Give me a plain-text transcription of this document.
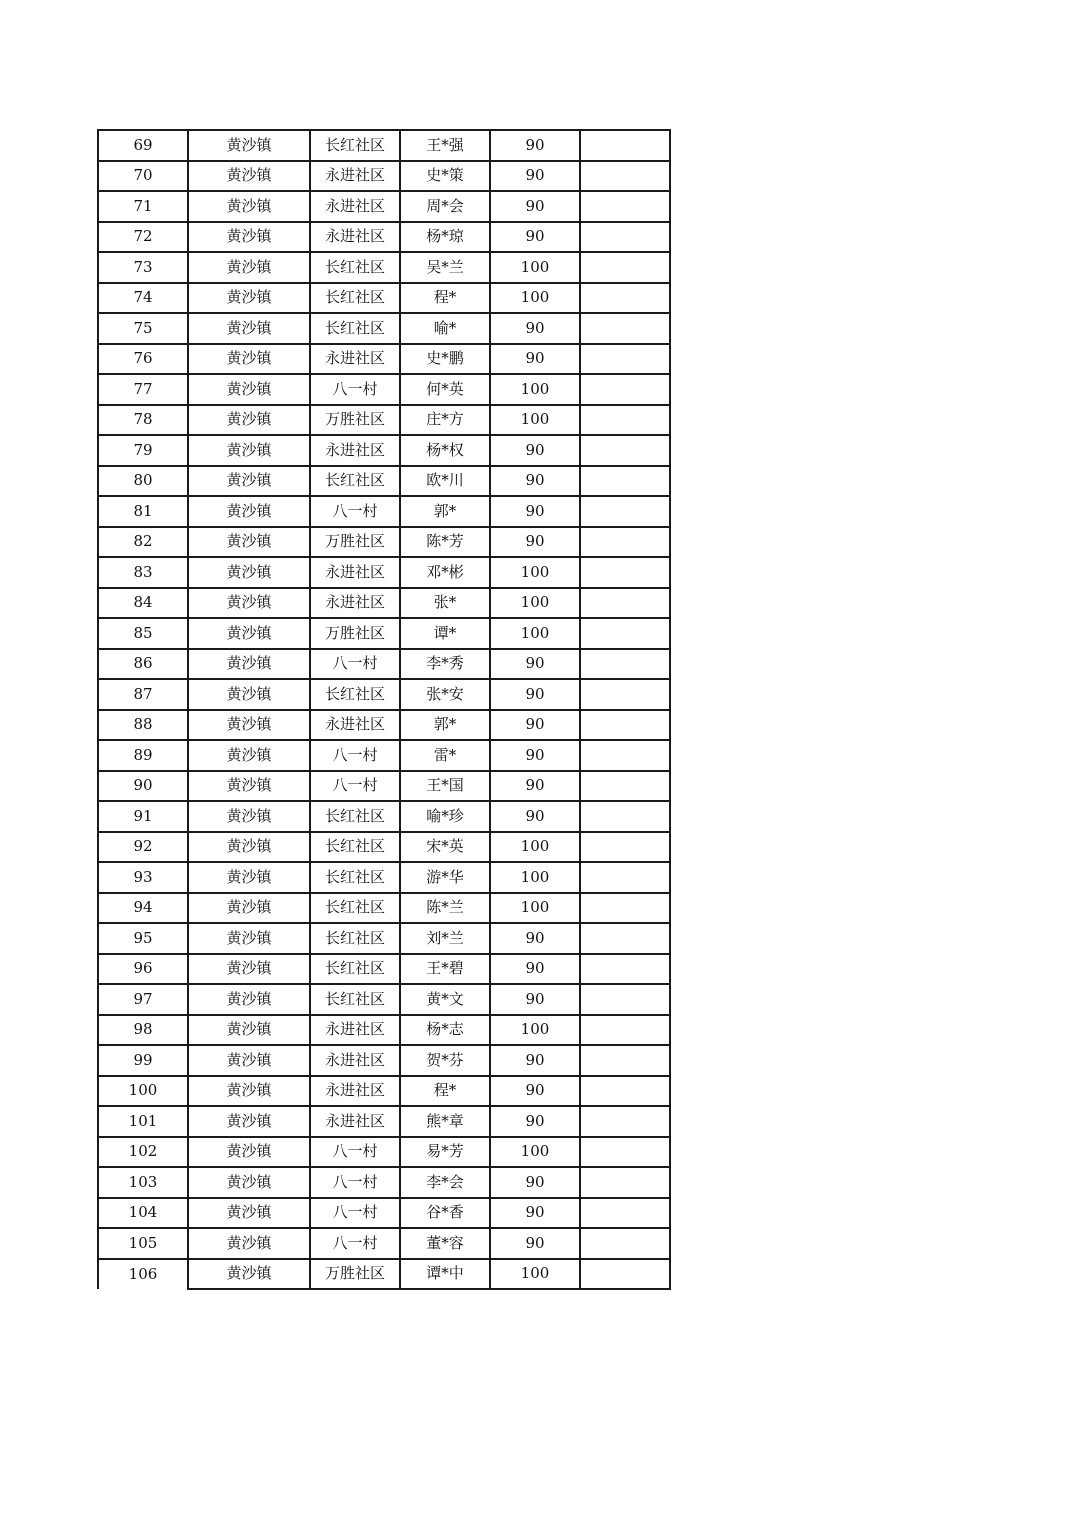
69	黄沙镇	长红社区	王*强	90	
70	黄沙镇	永进社区	史*策	90	
71	黄沙镇	永进社区	周*会	90	
72	黄沙镇	永进社区	杨*琼	90	
73	黄沙镇	长红社区	吴*兰	100	
74	黄沙镇	长红社区	程*	100	
75	黄沙镇	长红社区	喻*	90	
76	黄沙镇	永进社区	史*鹏	90	
77	黄沙镇	八一村	何*英	100	
78	黄沙镇	万胜社区	庄*方	100	
79	黄沙镇	永进社区	杨*权	90	
80	黄沙镇	长红社区	欧*川	90	
81	黄沙镇	八一村	郭*	90	
82	黄沙镇	万胜社区	陈*芳	90	
83	黄沙镇	永进社区	邓*彬	100	
84	黄沙镇	永进社区	张*	100	
85	黄沙镇	万胜社区	谭*	100	
86	黄沙镇	八一村	李*秀	90	
87	黄沙镇	长红社区	张*安	90	
88	黄沙镇	永进社区	郭*	90	
89	黄沙镇	八一村	雷*	90	
90	黄沙镇	八一村	王*国	90	
91	黄沙镇	长红社区	喻*珍	90	
92	黄沙镇	长红社区	宋*英	100	
93	黄沙镇	长红社区	游*华	100	
94	黄沙镇	长红社区	陈*兰	100	
95	黄沙镇	长红社区	刘*兰	90	
96	黄沙镇	长红社区	王*碧	90	
97	黄沙镇	长红社区	黄*文	90	
98	黄沙镇	永进社区	杨*志	100	
99	黄沙镇	永进社区	贺*芬	90	
100	黄沙镇	永进社区	程*	90	
101	黄沙镇	永进社区	熊*章	90	
102	黄沙镇	八一村	易*芳	100	
103	黄沙镇	八一村	李*会	90	
104	黄沙镇	八一村	谷*香	90	
105	黄沙镇	八一村	董*容	90	
106	黄沙镇	万胜社区	谭*中	100	
